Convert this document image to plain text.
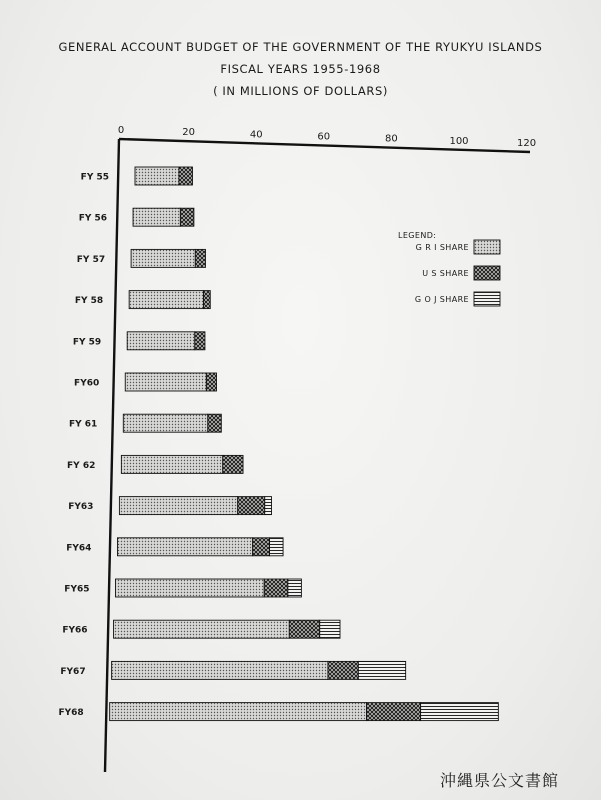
GENERAL ACCOUNT BUDGET OF THE GOVERNMENT OF THE RYUKYU ISLANDS
FISCAL YEARS 1955-1968
( IN MILLIONS OF DOLLARS)
0	20	40	60	80	100	120
FY 55
FY 56
FY 57
FY 58
FY 59
FY60
FY 61
FY 62
FY63
FY64
FY65
FY66
FY67
FY68
LEGEND:
G R I SHARE
U S SHARE
G O J SHARE
沖縄県公文書館
